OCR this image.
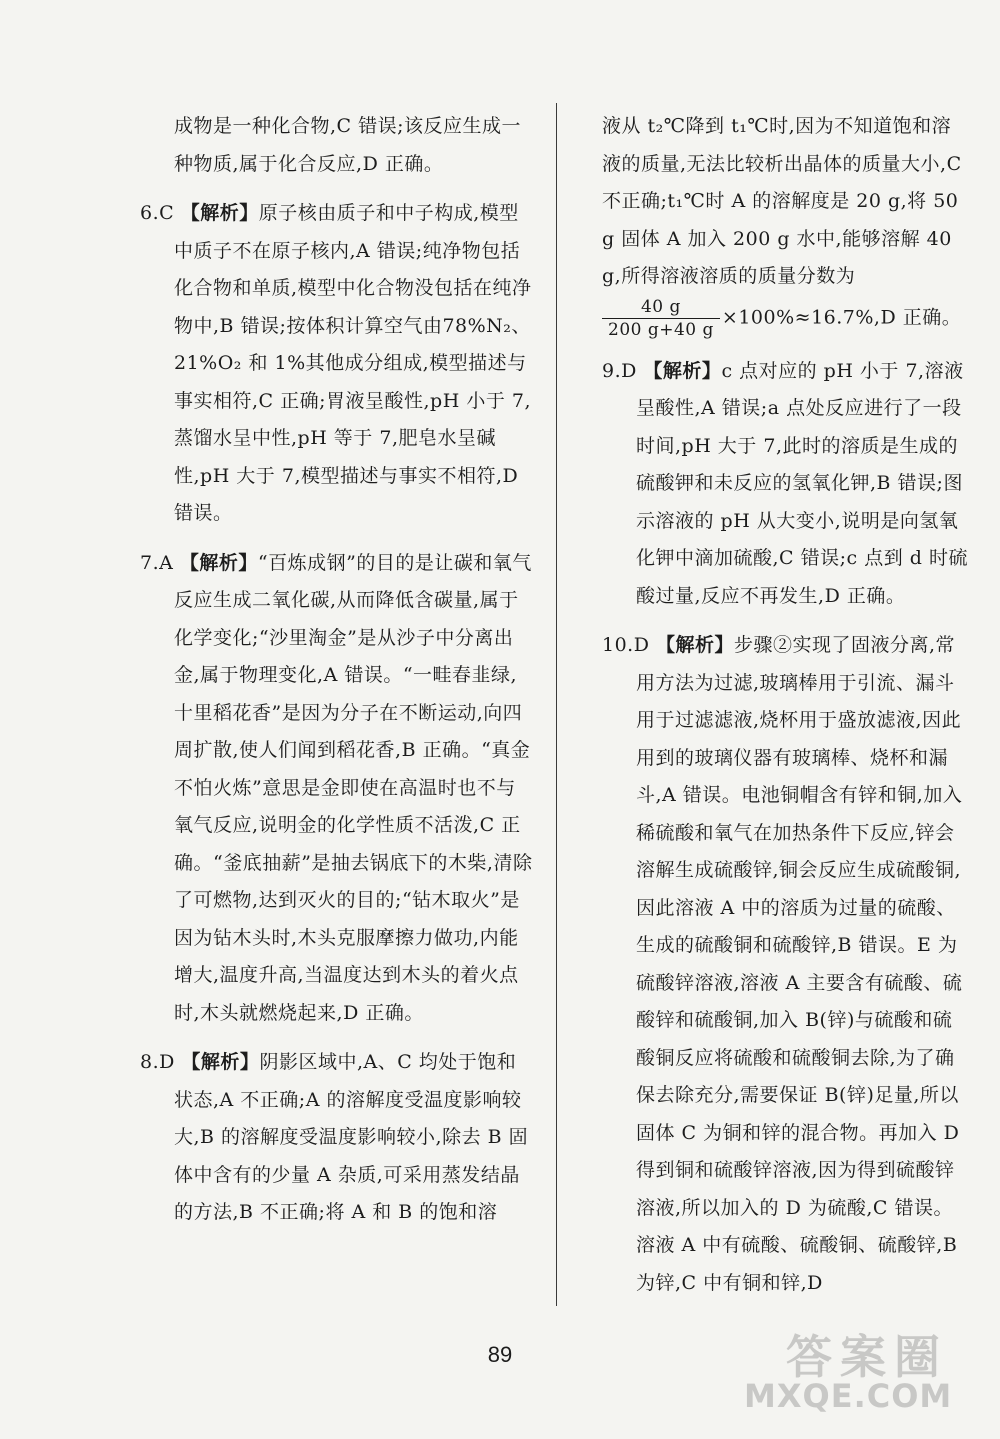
成物是一种化合物,C 错误;该反应生成一种物质,属于化合反应,D 正确。

6.C 【解析】原子核由质子和中子构成,模型中质子不在原子核内,A 错误;纯净物包括化合物和单质,模型中化合物没包括在纯净物中,B 错误;按体积计算空气由78%N₂、21%O₂ 和 1%其他成分组成,模型描述与事实相符,C 正确;胃液呈酸性,pH 小于 7,蒸馏水呈中性,pH 等于 7,肥皂水呈碱性,pH 大于 7,模型描述与事实不相符,D 错误。

7.A 【解析】“百炼成钢”的目的是让碳和氧气反应生成二氧化碳,从而降低含碳量,属于化学变化;“沙里淘金”是从沙子中分离出金,属于物理变化,A 错误。“一畦春韭绿,十里稻花香”是因为分子在不断运动,向四周扩散,使人们闻到稻花香,B 正确。“真金不怕火炼”意思是金即使在高温时也不与氧气反应,说明金的化学性质不活泼,C 正确。“釜底抽薪”是抽去锅底下的木柴,清除了可燃物,达到灭火的目的;“钻木取火”是因为钻木头时,木头克服摩擦力做功,内能增大,温度升高,当温度达到木头的着火点时,木头就燃烧起来,D 正确。

8.D 【解析】阴影区域中,A、C 均处于饱和状态,A 不正确;A 的溶解度受温度影响较大,B 的溶解度受温度影响较小,除去 B 固体中含有的少量 A 杂质,可采用蒸发结晶的方法,B 不正确;将 A 和 B 的饱和溶

液从 t₂℃降到 t₁℃时,因为不知道饱和溶液的质量,无法比较析出晶体的质量大小,C 不正确;t₁℃时 A 的溶解度是 20 g,将 50 g 固体 A 加入 200 g 水中,能够溶解 40 g,所得溶液溶质的质量分数为

$\frac{40 g}{200 g+40 g} \times 100\%\approx 16.7\%,D$ 正确。

9.D 【解析】c 点对应的 pH 小于 7,溶液呈酸性,A 错误;a 点处反应进行了一段时间,pH 大于 7,此时的溶质是生成的硫酸钾和未反应的氢氧化钾,B 错误;图示溶液的 pH 从大变小,说明是向氢氧化钾中滴加硫酸,C 错误;c 点到 d 时硫酸过量,反应不再发生,D 正确。

10.D 【解析】步骤②实现了固液分离,常用方法为过滤,玻璃棒用于引流、漏斗用于过滤滤液,烧杯用于盛放滤液,因此用到的玻璃仪器有玻璃棒、烧杯和漏斗,A 错误。电池铜帽含有锌和铜,加入稀硫酸和氧气在加热条件下反应,锌会溶解生成硫酸锌,铜会反应生成硫酸铜,因此溶液 A 中的溶质为过量的硫酸、生成的硫酸铜和硫酸锌,B 错误。E 为硫酸锌溶液,溶液 A 主要含有硫酸、硫酸锌和硫酸铜,加入 B(锌)与硫酸和硫酸铜反应将硫酸和硫酸铜去除,为了确保去除充分,需要保证 B(锌)足量,所以固体 C 为铜和锌的混合物。再加入 D 得到铜和硫酸锌溶液,因为得到硫酸锌溶液,所以加入的 D 为硫酸,C 错误。溶液 A 中有硫酸、硫酸铜、硫酸锌,B 为锌,C 中有铜和锌,D

89	答案圈
MXQE.COM
